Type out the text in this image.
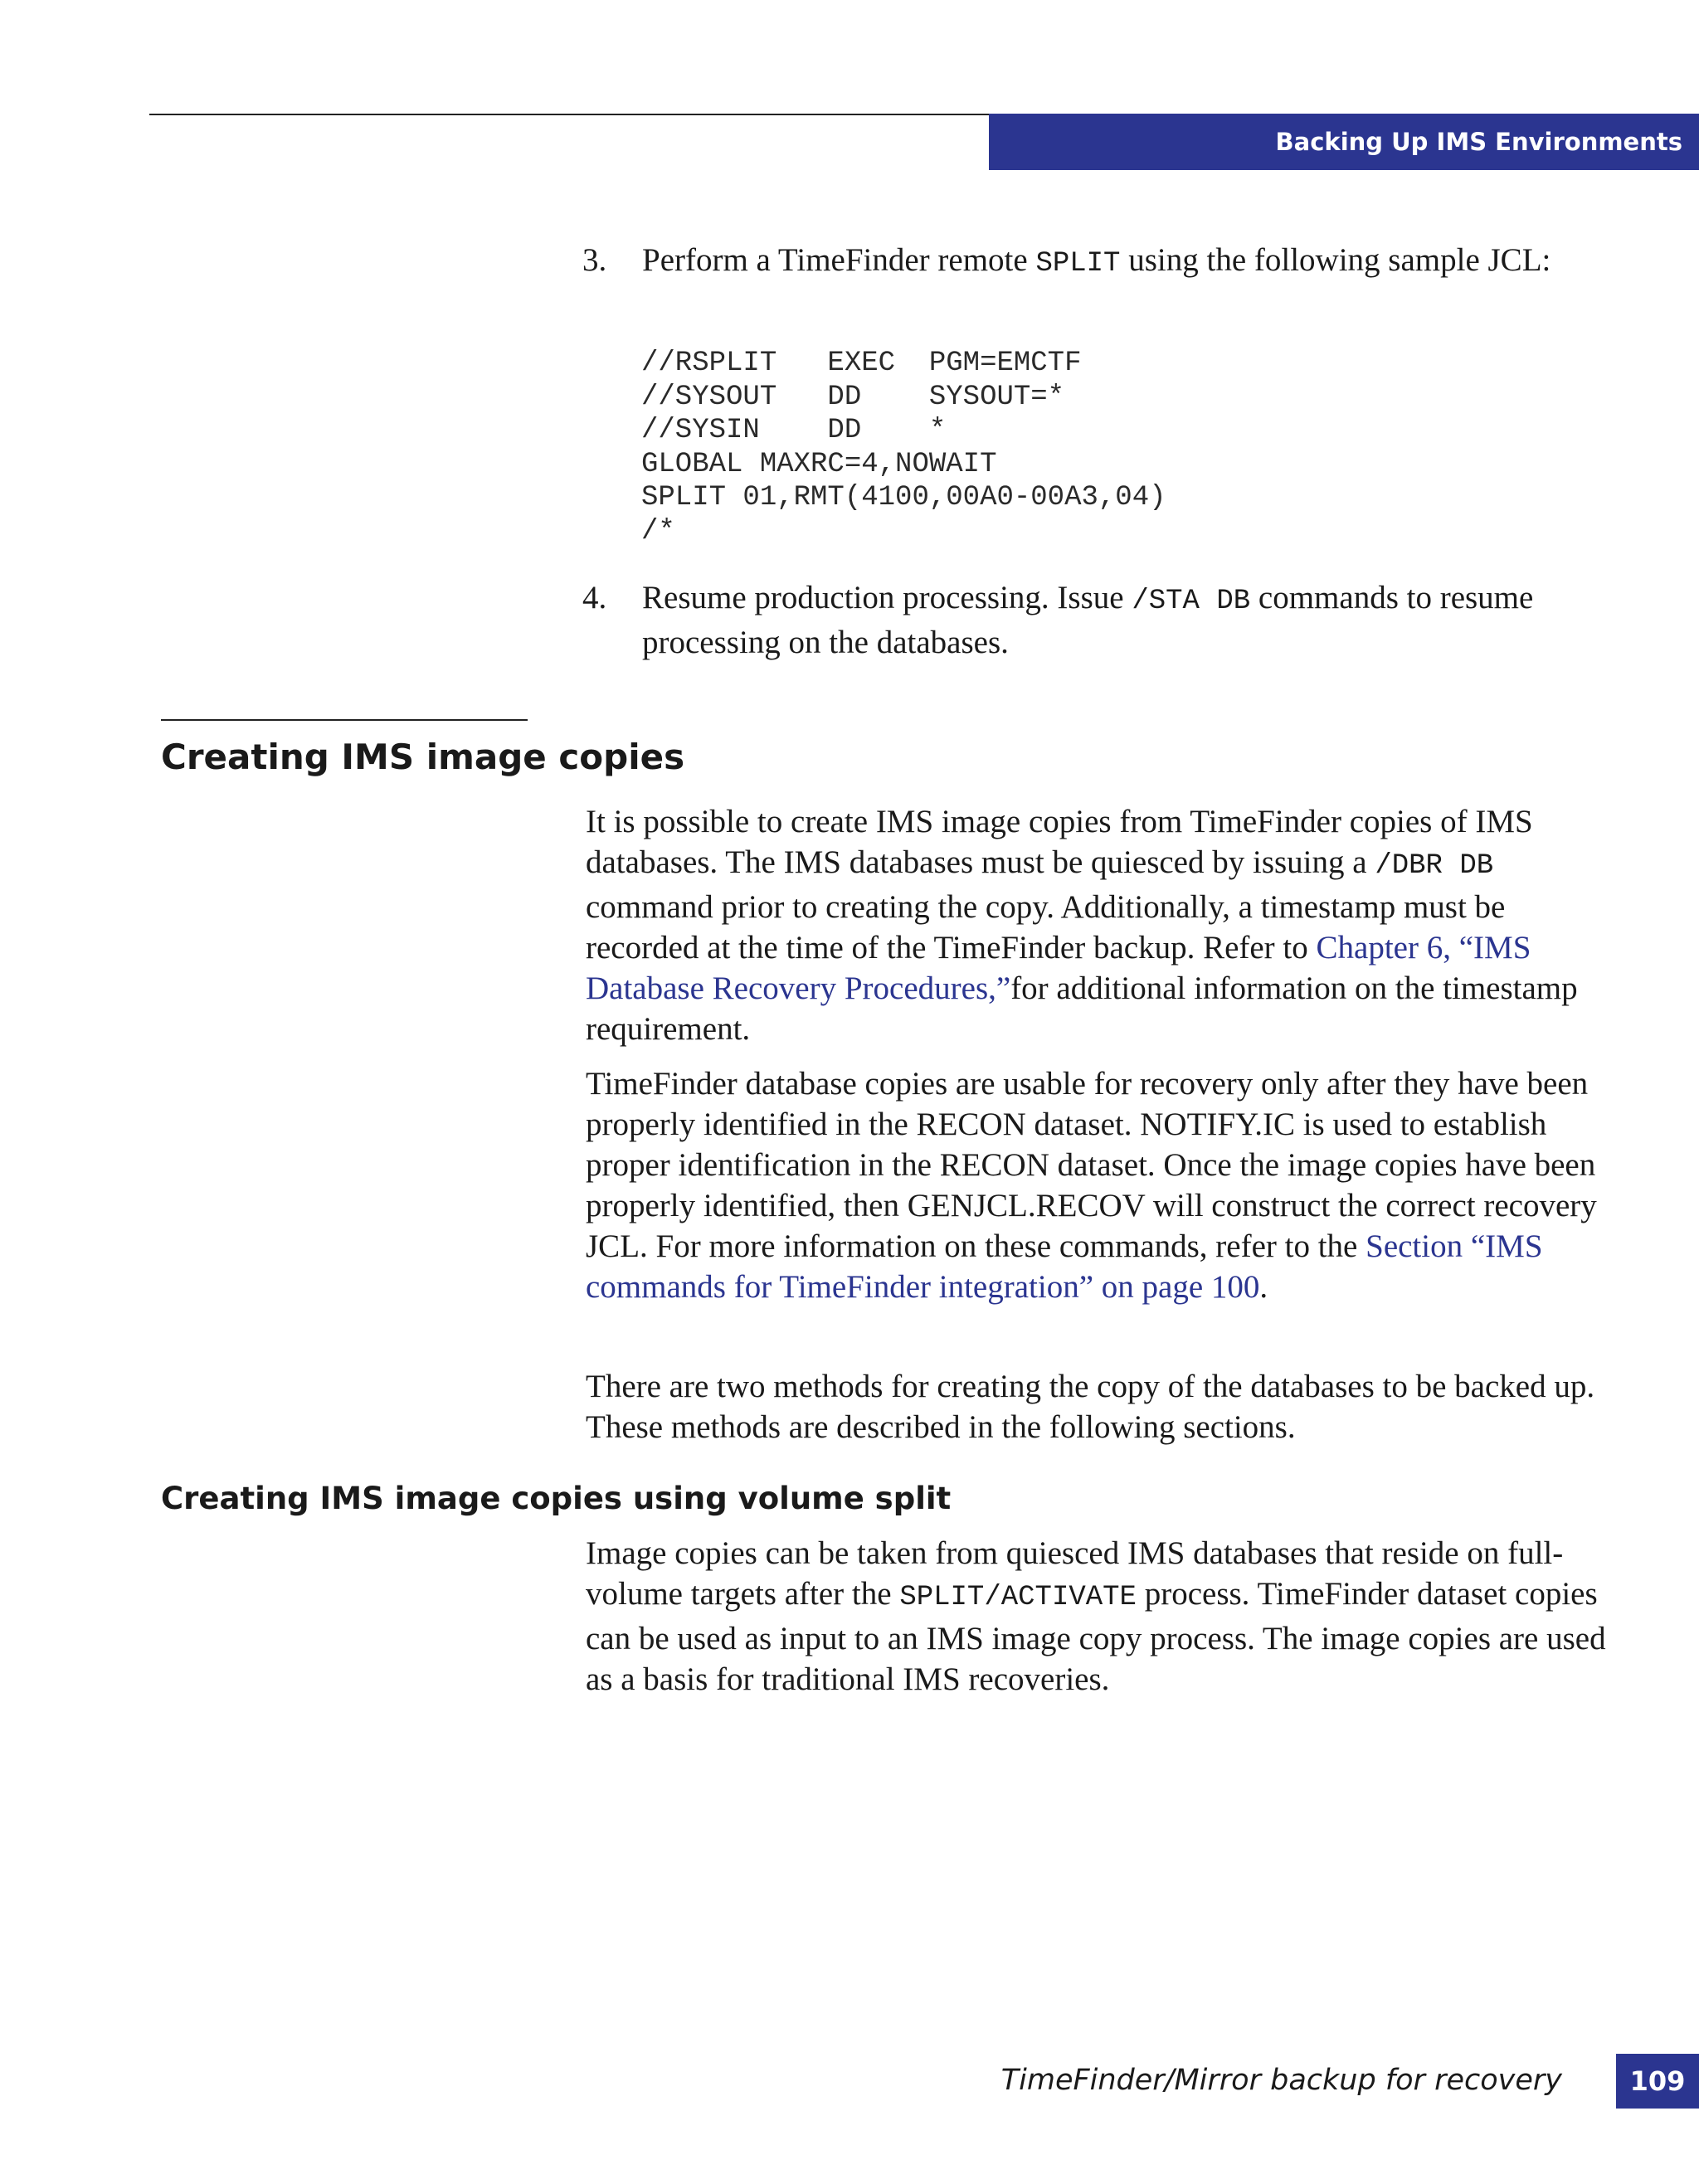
Backing Up IMS Environments
3.	Perform a TimeFinder remote SPLIT using the following sample JCL:
//RSPLIT   EXEC  PGM=EMCTF
//SYSOUT   DD    SYSOUT=*
//SYSIN    DD    *
GLOBAL MAXRC=4,NOWAIT
SPLIT 01,RMT(4100,00A0-00A3,04)
/*
4.	Resume production processing. Issue /STA DB commands to resume processing on the databases.
Creating IMS image copies

It is possible to create IMS image copies from TimeFinder copies of IMS databases. The IMS databases must be quiesced by issuing a /DBR DB command prior to creating the copy. Additionally, a timestamp must be recorded at the time of the TimeFinder backup. Refer to Chapter 6, “IMS Database Recovery Procedures,”for additional information on the timestamp requirement.

TimeFinder database copies are usable for recovery only after they have been properly identified in the RECON dataset. NOTIFY.IC is used to establish proper identification in the RECON dataset. Once the image copies have been properly identified, then GENJCL.RECOV will construct the correct recovery JCL. For more information on these commands, refer to the Section “IMS commands for TimeFinder integration” on page 100.

There are two methods for creating the copy of the databases to be backed up. These methods are described in the following sections.

Creating IMS image copies using volume split

Image copies can be taken from quiesced IMS databases that reside on full-volume targets after the SPLIT/ACTIVATE process. TimeFinder dataset copies can be used as input to an IMS image copy process. The image copies are used as a basis for traditional IMS recoveries.

TimeFinder/Mirror backup for recovery	109
